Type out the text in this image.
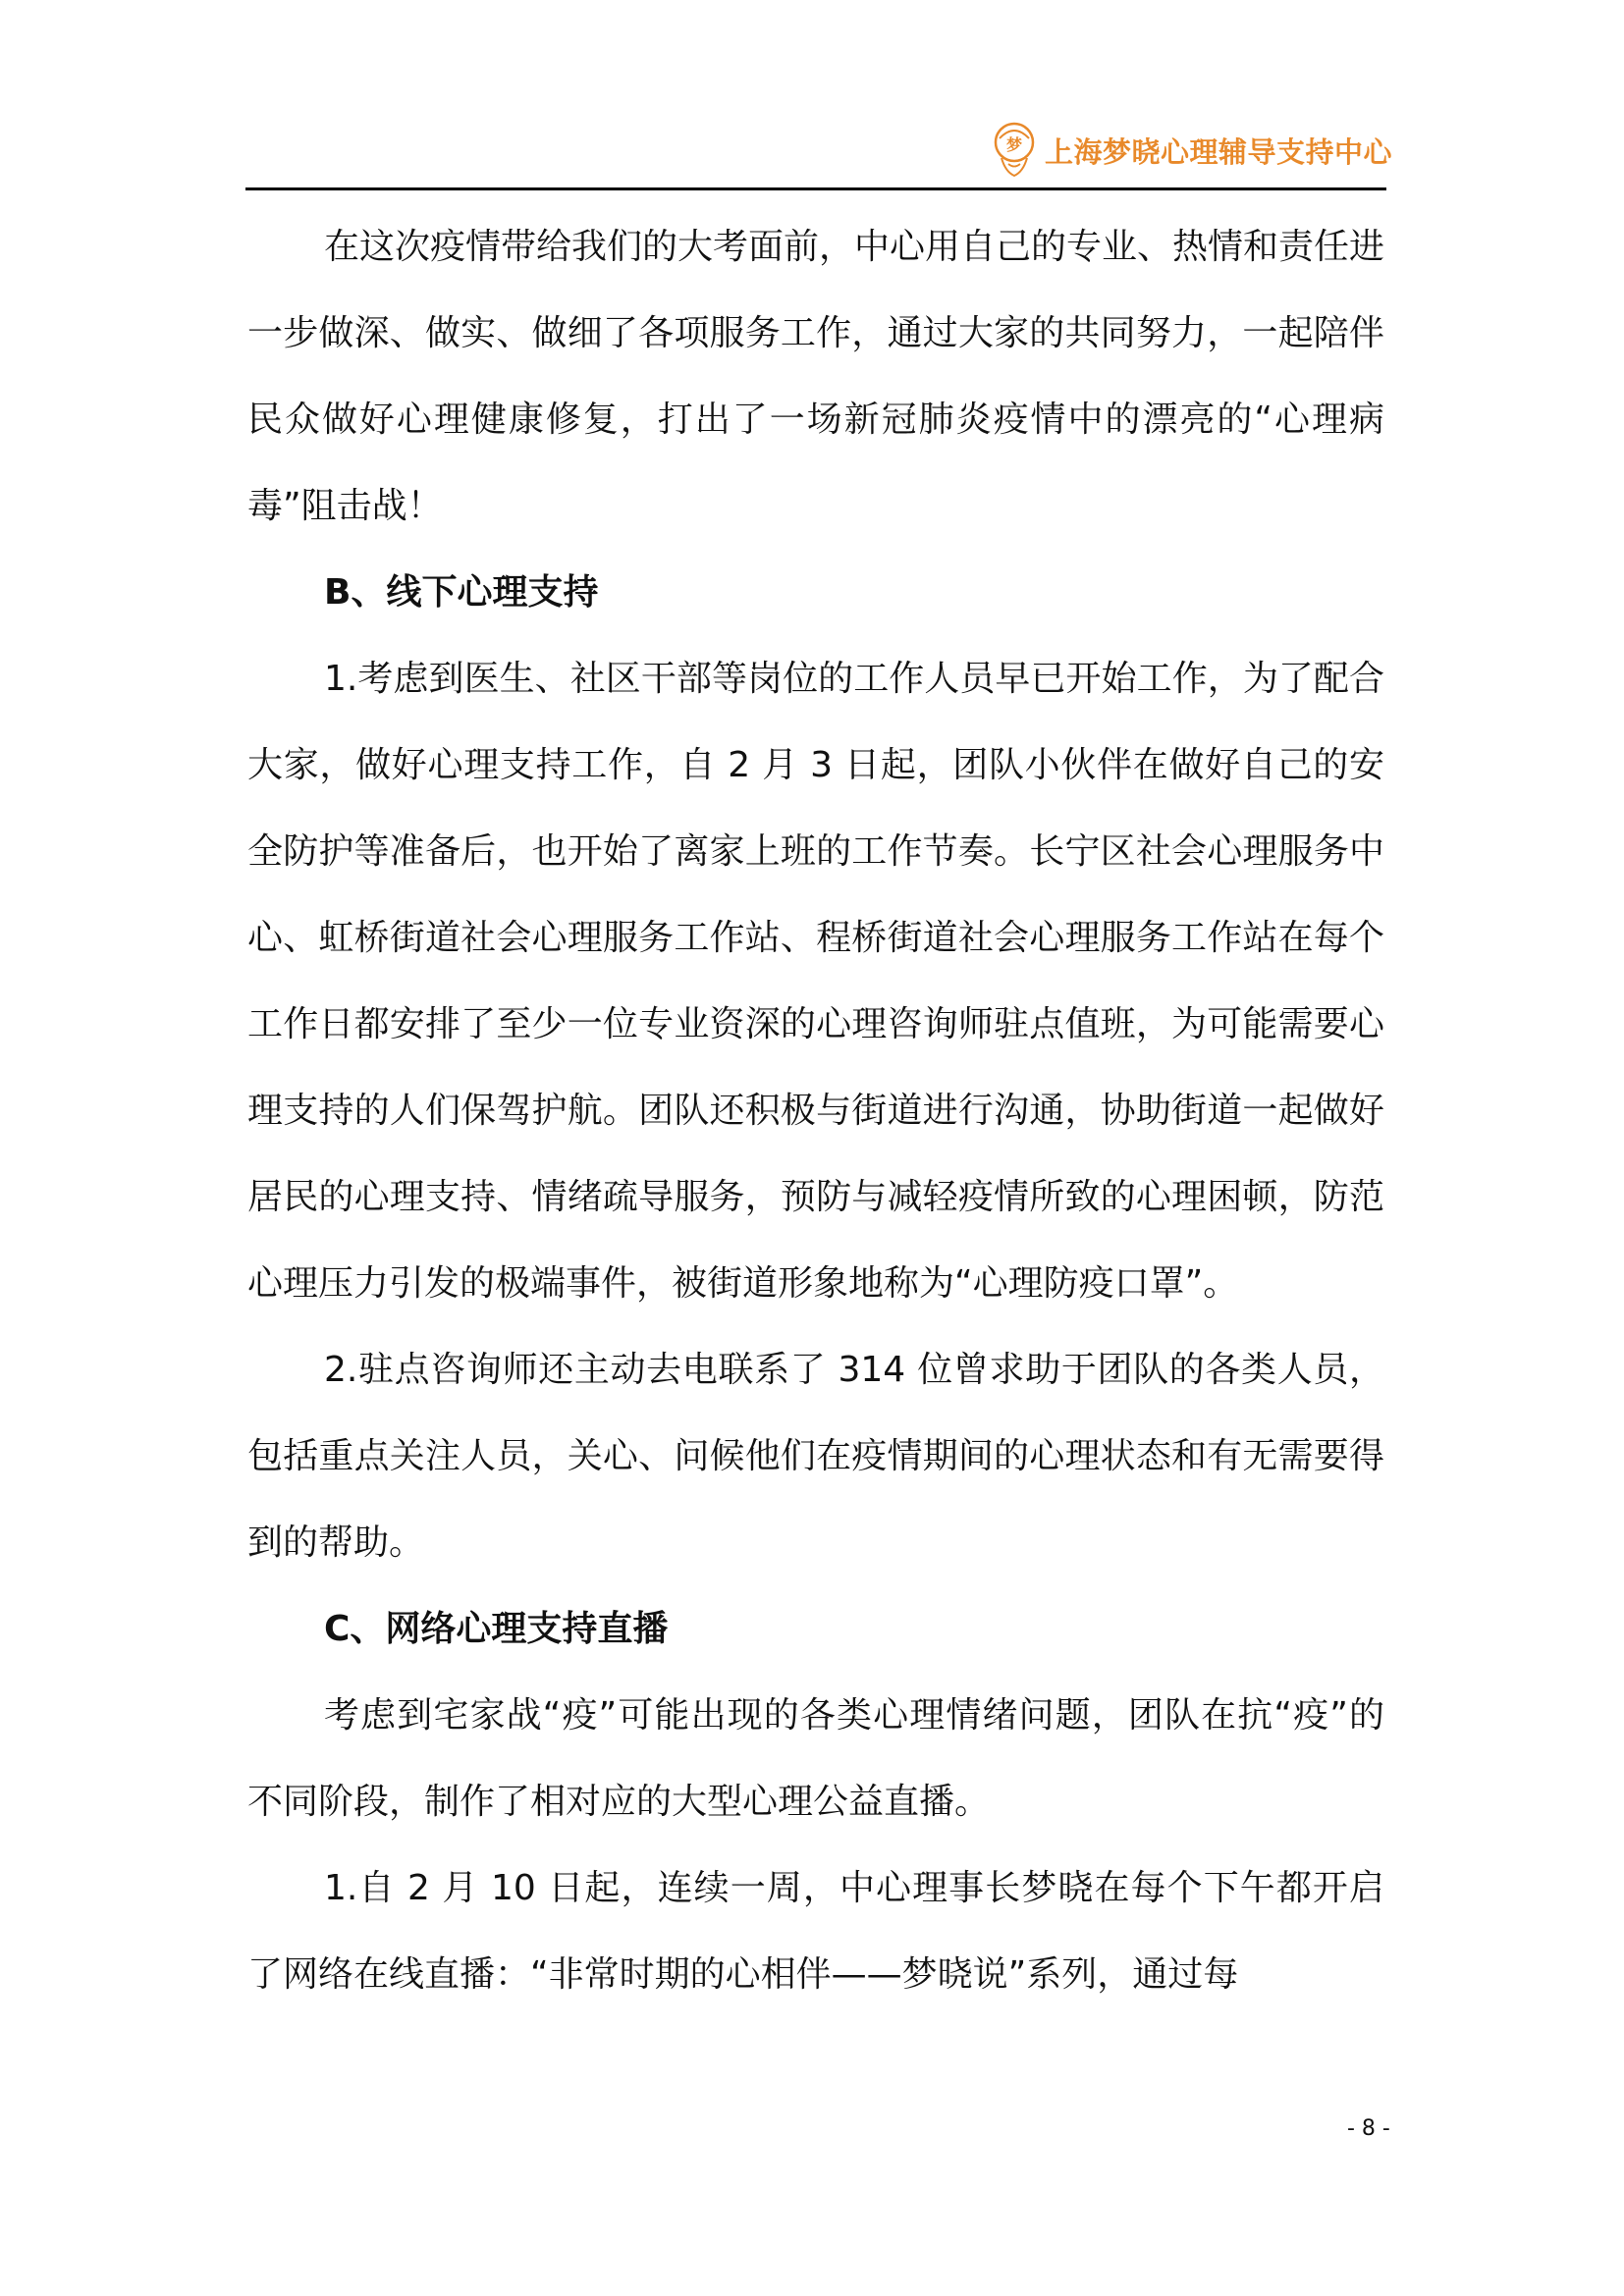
梦 上海梦晓心理辅导支持中心

在这次疫情带给我们的大考面前，中心用自己的专业、热情和责任进一步做深、做实、做细了各项服务工作，通过大家的共同努力，一起陪伴民众做好心理健康修复，打出了一场新冠肺炎疫情中的漂亮的“心理病毒”阻击战！

B、线下心理支持

1.考虑到医生、社区干部等岗位的工作人员早已开始工作，为了配合大家，做好心理支持工作，自 2 月 3 日起，团队小伙伴在做好自己的安全防护等准备后，也开始了离家上班的工作节奏。长宁区社会心理服务中心、虹桥街道社会心理服务工作站、程桥街道社会心理服务工作站在每个工作日都安排了至少一位专业资深的心理咨询师驻点值班，为可能需要心理支持的人们保驾护航。团队还积极与街道进行沟通，协助街道一起做好居民的心理支持、情绪疏导服务，预防与减轻疫情所致的心理困顿，防范心理压力引发的极端事件，被街道形象地称为“心理防疫口罩”。

2.驻点咨询师还主动去电联系了 314 位曾求助于团队的各类人员，包括重点关注人员，关心、问候他们在疫情期间的心理状态和有无需要得到的帮助。

C、网络心理支持直播

考虑到宅家战“疫”可能出现的各类心理情绪问题，团队在抗“疫”的不同阶段，制作了相对应的大型心理公益直播。

1.自 2 月 10 日起，连续一周，中心理事长梦晓在每个下午都开启了网络在线直播：“非常时期的心相伴——梦晓说”系列，通过每

- 8 -
